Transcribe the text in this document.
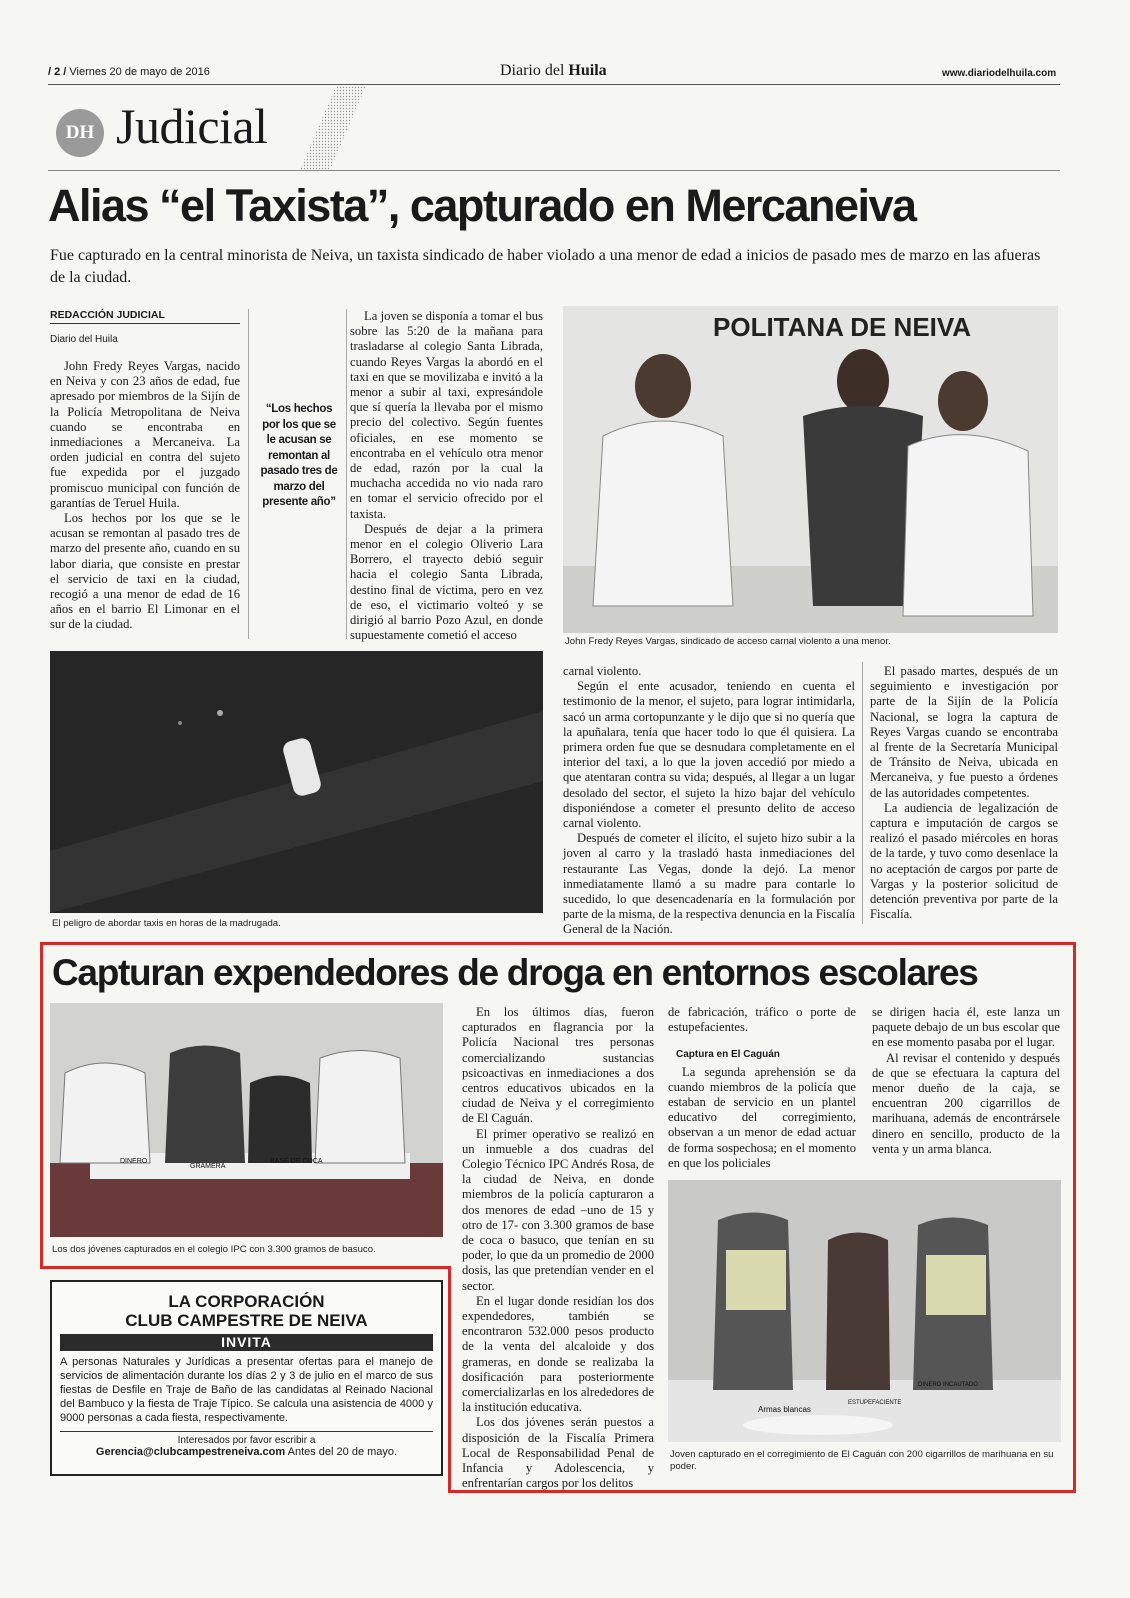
/ 2 / Viernes 20 de mayo de 2016	Diario del Huila	www.diariodelhuila.com
DH Judicial
Alias “el Taxista”, capturado en Mercaneiva
Fue capturado en la central minorista de Neiva, un taxista sindicado de haber violado a una menor de edad a inicios de pasado mes de marzo en las afueras de la ciudad.
REDACCIÓN JUDICIAL
Diario del Huila

John Fredy Reyes Vargas, nacido en Neiva y con 23 años de edad, fue apresado por miembros de la Sijín de la Policía Metropolitana de Neiva cuando se encontraba en inmediaciones a Mercaneiva. La orden judicial en contra del sujeto fue expedida por el juzgado promiscuo municipal con función de garantías de Teruel Huila.

Los hechos por los que se le acusan se remontan al pasado tres de marzo del presente año, cuando en su labor diaria, que consiste en prestar el servicio de taxi en la ciudad, recogió a una menor de edad de 16 años en el barrio El Limonar en el sur de la ciudad.

“Los hechos por los que se le acusan se remontan al pasado tres de marzo del presente año”

La joven se disponía a tomar el bus sobre las 5:20 de la mañana para trasladarse al colegio Santa Librada, cuando Reyes Vargas la abordó en el taxi en que se movilizaba e invitó a la menor a subir al taxi, expresándole que sí quería la llevaba por el mismo precio del colectivo. Según fuentes oficiales, en ese momento se encontraba en el vehículo otra menor de edad, razón por la cual la muchacha accedida no vio nada raro en tomar el servicio ofrecido por el taxista.

Después de dejar a la primera menor en el colegio Oliverio Lara Borrero, el trayecto debió seguir hacia el colegio Santa Librada, destino final de víctima, pero en vez de eso, el victimario volteó y se dirigió al barrio Pozo Azul, en donde supuestamente cometió el acceso

POLITANA DE NEIVA
John Fredy Reyes Vargas, sindicado de acceso carnal violento a una menor.
El peligro de abordar taxis en horas de la madrugada.

carnal violento.

Según el ente acusador, teniendo en cuenta el testimonio de la menor, el sujeto, para lograr intimidarla, sacó un arma cortopunzante y le dijo que si no quería que la apuñalara, tenía que hacer todo lo que él quisiera. La primera orden fue que se desnudara completamente en el interior del taxi, a lo que la joven accedió por miedo a que atentaran contra su vida; después, al llegar a un lugar desolado del sector, el sujeto la hizo bajar del vehículo disponiéndose a cometer el presunto delito de acceso carnal violento.

Después de cometer el ilícito, el sujeto hizo subir a la joven al carro y la trasladó hasta inmediaciones del restaurante Las Vegas, donde la dejó. La menor inmediatamente llamó a su madre para contarle lo sucedido, lo que desencadenaría en la formulación por parte de la misma, de la respectiva denuncia en la Fiscalía General de la Nación.

El pasado martes, después de un seguimiento e investigación por parte de la Sijín de la Policía Nacional, se logra la captura de Reyes Vargas cuando se encontraba al frente de la Secretaría Municipal de Tránsito de Neiva, ubicada en Mercaneiva, y fue puesto a órdenes de las autoridades competentes.

La audiencia de legalización de captura e imputación de cargos se realizó el pasado miércoles en horas de la tarde, y tuvo como desenlace la no aceptación de cargos por parte de Vargas y la posterior solicitud de detención preventiva por parte de la Fiscalía.

Capturan expendedores de droga en entornos escolares
DINERO
GRAMERA
BASE DE COCA
Los dos jóvenes capturados en el colegio IPC con 3.300 gramos de basuco.

En los últimos días, fueron capturados en flagrancia por la Policía Nacional tres personas comercializando sustancias psicoactivas en inmediaciones a dos centros educativos ubicados en la ciudad de Neiva y el corregimiento de El Caguán.

El primer operativo se realizó en un inmueble a dos cuadras del Colegio Técnico IPC Andrés Rosa, de la ciudad de Neiva, en donde miembros de la policía capturaron a dos menores de edad –uno de 15 y otro de 17- con 3.300 gramos de base de coca o basuco, que tenían en su poder, lo que da un promedio de 2000 dosis, las que pretendían vender en el sector.

En el lugar donde residían los dos expendedores, también se encontraron 532.000 pesos producto de la venta del alcaloide y dos grameras, en donde se realizaba la dosificación para posteriormente comercializarlas en los alrededores de la institución educativa.

Los dos jóvenes serán puestos a disposición de la Fiscalía Primera Local de Responsabilidad Penal de Infancia y Adolescencia, y enfrentarían cargos por los delitos

de fabricación, tráfico o porte de estupefacientes.

Captura en El Caguán

La segunda aprehensión se da cuando miembros de la policía que estaban de servicio en un plantel educativo del corregimiento, observan a un menor de edad actuar de forma sospechosa; en el momento en que los policiales

se dirigen hacia él, este lanza un paquete debajo de un bus escolar que en ese momento pasaba por el lugar.

Al revisar el contenido y después de que se efectuara la captura del menor dueño de la caja, se encuentran 200 cigarrillos de marihuana, además de encontrársele dinero en sencillo, producto de la venta y un arma blanca.

Armas blancas
ESTUPEFACIENTE
DINERO INCAUTADO
Joven capturado en el corregimiento de El Caguán con 200 cigarrillos de marihuana en su poder.
LA CORPORACIÓN
CLUB CAMPESTRE DE NEIVA
INVITA
A personas Naturales y Jurídicas a presentar ofertas para el manejo de servicios de alimentación durante los días 2 y 3 de julio en el marco de sus fiestas de Desfile en Traje de Baño de las candidatas al Reinado Nacional del Bambuco y la fiesta de Traje Típico. Se calcula una asistencia de 4000 y 9000 personas a cada fiesta, respectivamente.
Interesados por favor escribir a
Gerencia@clubcampestreneiva.com Antes del 20 de mayo.
